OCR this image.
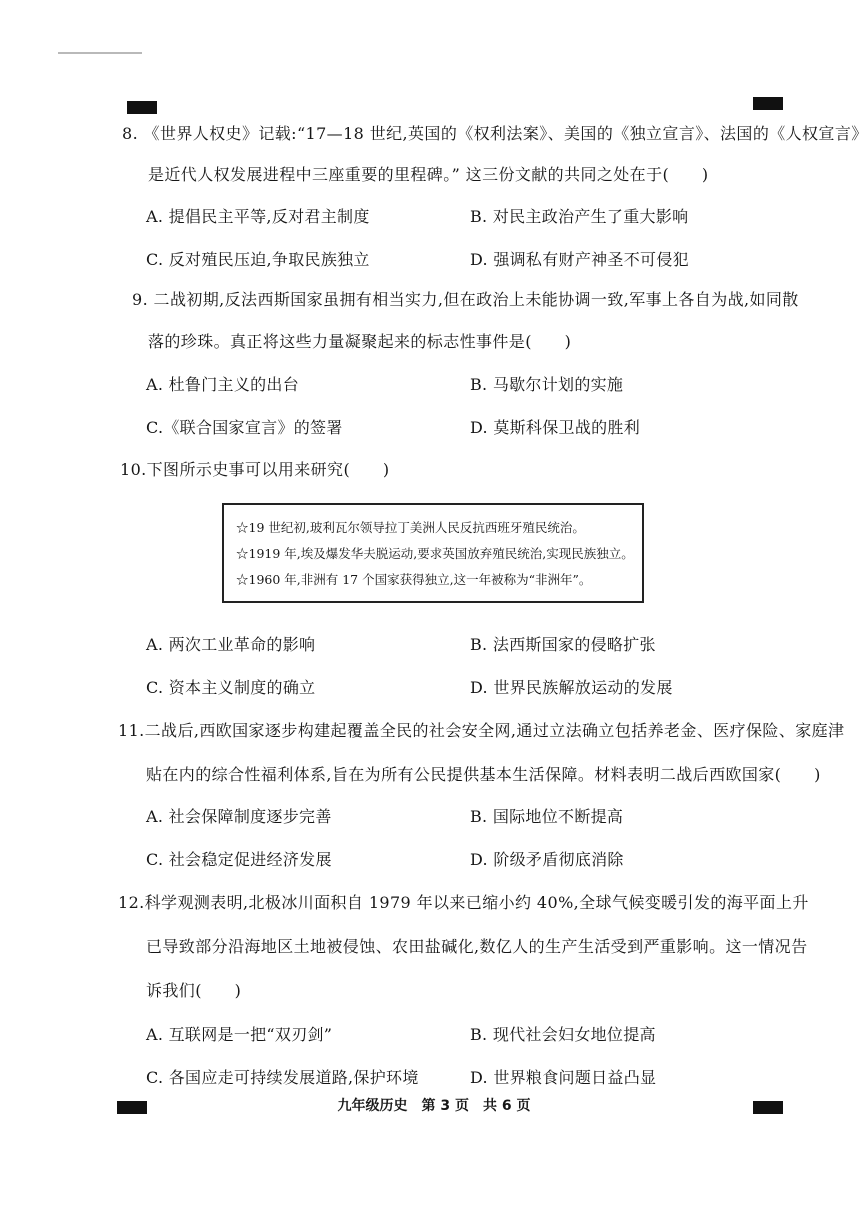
8. 《世界人权史》记载:“17—18 世纪,英国的《权利法案》、美国的《独立宣言》、法国的《人权宣言》
是近代人权发展进程中三座重要的里程碑。” 这三份文献的共同之处在于(　　)
A. 提倡民主平等,反对君主制度	B. 对民主政治产生了重大影响
C. 反对殖民压迫,争取民族独立	D. 强调私有财产神圣不可侵犯
9. 二战初期,反法西斯国家虽拥有相当实力,但在政治上未能协调一致,军事上各自为战,如同散
落的珍珠。真正将这些力量凝聚起来的标志性事件是(　　)
A. 杜鲁门主义的出台	B. 马歇尔计划的实施
C.《联合国家宣言》的签署	D. 莫斯科保卫战的胜利
10.下图所示史事可以用来研究(　　)
☆19 世纪初,玻利瓦尔领导拉丁美洲人民反抗西班牙殖民统治。
☆1919 年,埃及爆发华夫脱运动,要求英国放弃殖民统治,实现民族独立。
☆1960 年,非洲有 17 个国家获得独立,这一年被称为“非洲年”。
A. 两次工业革命的影响	B. 法西斯国家的侵略扩张
C. 资本主义制度的确立	D. 世界民族解放运动的发展
11.二战后,西欧国家逐步构建起覆盖全民的社会安全网,通过立法确立包括养老金、医疗保险、家庭津
贴在内的综合性福利体系,旨在为所有公民提供基本生活保障。材料表明二战后西欧国家(　　)
A. 社会保障制度逐步完善	B. 国际地位不断提高
C. 社会稳定促进经济发展	D. 阶级矛盾彻底消除
12.科学观测表明,北极冰川面积自 1979 年以来已缩小约 40%,全球气候变暖引发的海平面上升
已导致部分沿海地区土地被侵蚀、农田盐碱化,数亿人的生产生活受到严重影响。这一情况告
诉我们(　　)
A. 互联网是一把“双刃剑”	B. 现代社会妇女地位提高
C. 各国应走可持续发展道路,保护环境	D. 世界粮食问题日益凸显
九年级历史　第 3 页　共 6 页
